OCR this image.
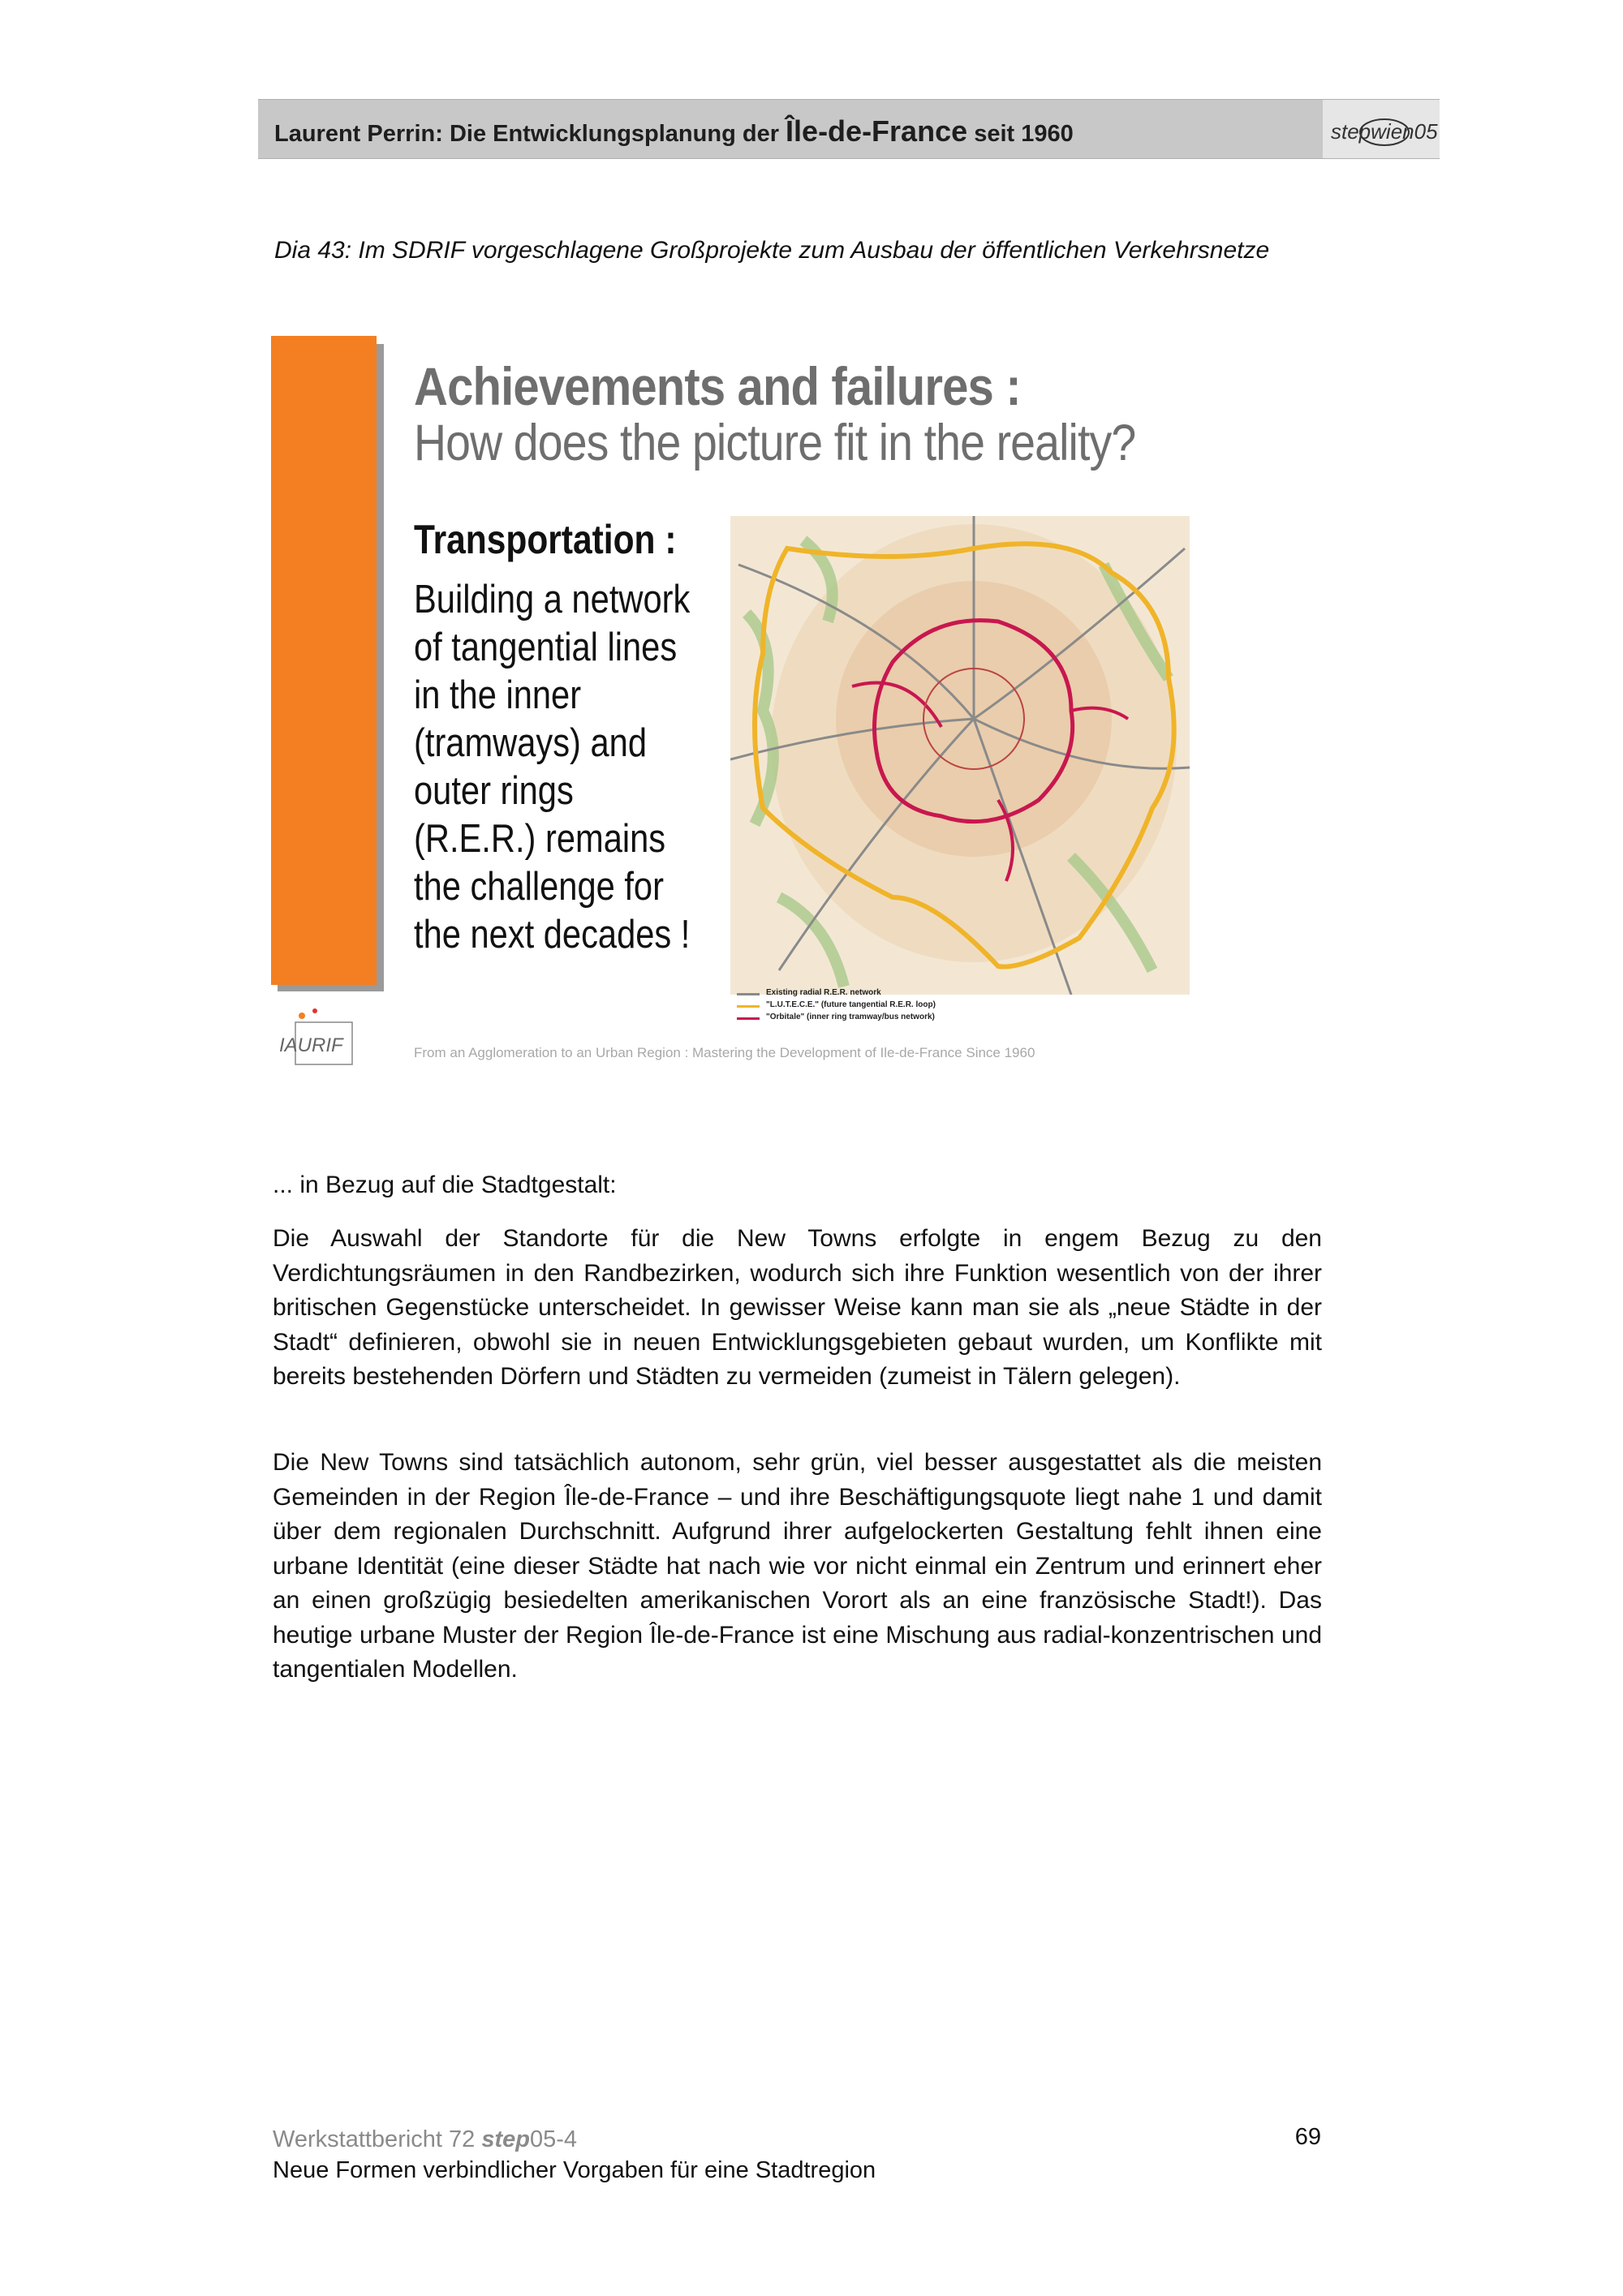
Laurent Perrin: Die Entwicklungsplanung der Île-de-France seit 1960	stepwien05
Dia 43: Im SDRIF vorgeschlagene Großprojekte zum Ausbau der öffentlichen Verkehrsnetze
Achievements and failures :
How does the picture fit in the reality?
Transportation :
Building a network
of tangential lines
in the inner
(tramways) and
outer rings
(R.E.R.) remains
the challenge for
the next decades !
Existing radial R.E.R. network
"L.U.T.E.C.E." (future tangential R.E.R. loop)
"Orbitale" (inner ring tramway/bus network)
IAURIF	From an Agglomeration to an Urban Region : Mastering the Development of Ile-de-France Since 1960
... in Bezug auf die Stadtgestalt:
Die Auswahl der Standorte für die New Towns erfolgte in engem Bezug zu den Verdichtungsräumen in den Randbezirken, wodurch sich ihre Funktion wesentlich von der ihrer britischen Gegenstücke unterscheidet. In gewisser Weise kann man sie als „neue Städte in der Stadt“ definieren, obwohl sie in neuen Entwicklungsgebieten gebaut wurden, um Konflikte mit bereits bestehenden Dörfern und Städten zu vermeiden (zumeist in Tälern gelegen).
Die New Towns sind tatsächlich autonom, sehr grün, viel besser ausgestattet als die meisten Gemeinden in der Region Île-de-France – und ihre Beschäftigungsquote liegt nahe 1 und damit über dem regionalen Durchschnitt. Aufgrund ihrer aufgelockerten Gestaltung fehlt ihnen eine urbane Identität (eine dieser Städte hat nach wie vor nicht einmal ein Zentrum und erinnert eher an einen großzügig besiedelten amerikanischen Vorort als an eine französische Stadt!). Das heutige urbane Muster der Region Île-de-France ist eine Mischung aus radial-konzentrischen und tangentialen Modellen.
Werkstattbericht 72 step05-4
Neue Formen verbindlicher Vorgaben für eine Stadtregion
69
